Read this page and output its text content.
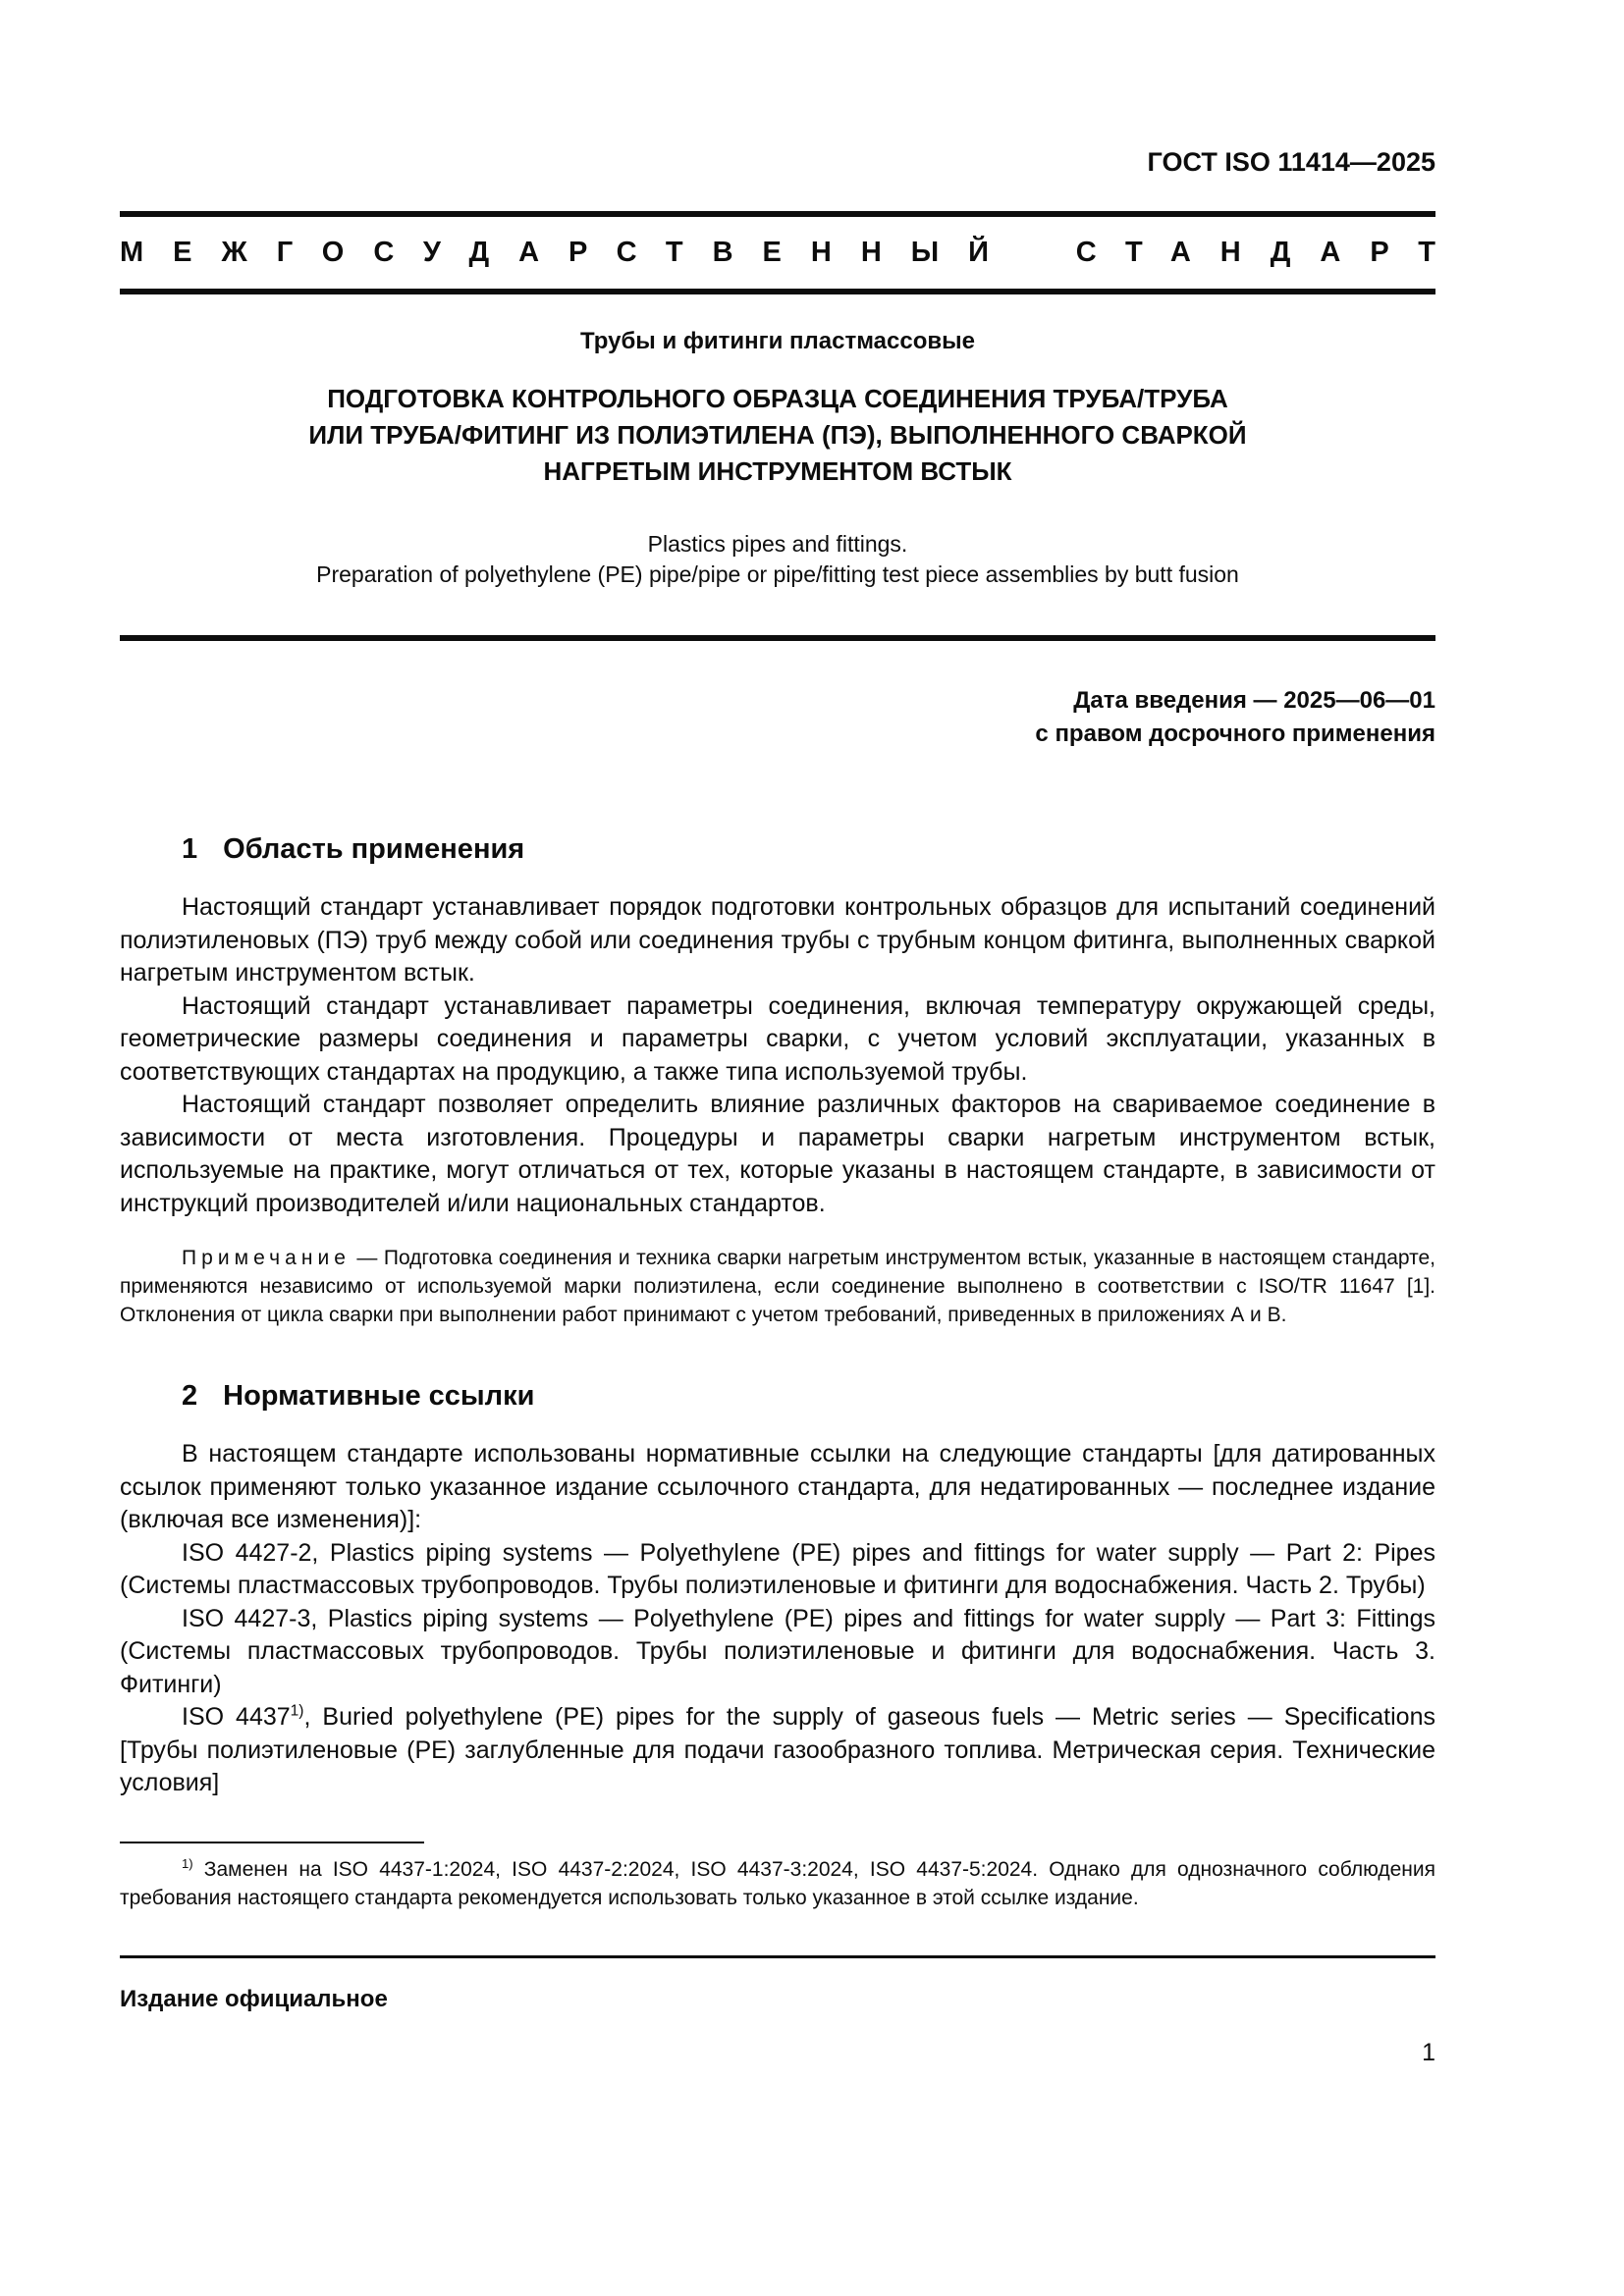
ГОСТ ISO 11414—2025
МЕЖГОСУДАРСТВЕННЫЙ СТАНДАРТ
Трубы и фитинги пластмассовые
ПОДГОТОВКА КОНТРОЛЬНОГО ОБРАЗЦА СОЕДИНЕНИЯ ТРУБА/ТРУБА
ИЛИ ТРУБА/ФИТИНГ ИЗ ПОЛИЭТИЛЕНА (ПЭ), ВЫПОЛНЕННОГО СВАРКОЙ
НАГРЕТЫМ ИНСТРУМЕНТОМ ВСТЫК
Plastics pipes and fittings.
Preparation of polyethylene (PE) pipe/pipe or pipe/fitting test piece assemblies by butt fusion
Дата введения — 2025—06—01
с правом досрочного применения
1 Область применения

Настоящий стандарт устанавливает порядок подготовки контрольных образцов для испытаний соединений полиэтиленовых (ПЭ) труб между собой или соединения трубы с трубным концом фитинга, выполненных сваркой нагретым инструментом встык.

Настоящий стандарт устанавливает параметры соединения, включая температуру окружающей среды, геометрические размеры соединения и параметры сварки, с учетом условий эксплуатации, указанных в соответствующих стандартах на продукцию, а также типа используемой трубы.

Настоящий стандарт позволяет определить влияние различных факторов на свариваемое соединение в зависимости от места изготовления. Процедуры и параметры сварки нагретым инструментом встык, используемые на практике, могут отличаться от тех, которые указаны в настоящем стандарте, в зависимости от инструкций производителей и/или национальных стандартов.

Примечание — Подготовка соединения и техника сварки нагретым инструментом встык, указанные в настоящем стандарте, применяются независимо от используемой марки полиэтилена, если соединение выполнено в соответствии с ISO/TR 11647 [1]. Отклонения от цикла сварки при выполнении работ принимают с учетом требований, приведенных в приложениях А и В.

2 Нормативные ссылки

В настоящем стандарте использованы нормативные ссылки на следующие стандарты [для датированных ссылок применяют только указанное издание ссылочного стандарта, для недатированных — последнее издание (включая все изменения)]:

ISO 4427-2, Plastics piping systems — Polyethylene (PE) pipes and fittings for water supply — Part 2: Pipes (Системы пластмассовых трубопроводов. Трубы полиэтиленовые и фитинги для водоснабжения. Часть 2. Трубы)

ISO 4427-3, Plastics piping systems — Polyethylene (PE) pipes and fittings for water supply — Part 3: Fittings (Системы пластмассовых трубопроводов. Трубы полиэтиленовые и фитинги для водоснабжения. Часть 3. Фитинги)

ISO 4437$^{1)}$, Buried polyethylene (PE) pipes for the supply of gaseous fuels — Metric series — Specifications [Трубы полиэтиленовые (PE) заглубленные для подачи газообразного топлива. Метрическая серия. Технические условия]

$^{1)}$ Заменен на ISO 4437-1:2024, ISO 4437-2:2024, ISO 4437-3:2024, ISO 4437-5:2024. Однако для однозначного соблюдения требования настоящего стандарта рекомендуется использовать только указанное в этой ссылке издание.

Издание официальное
1
